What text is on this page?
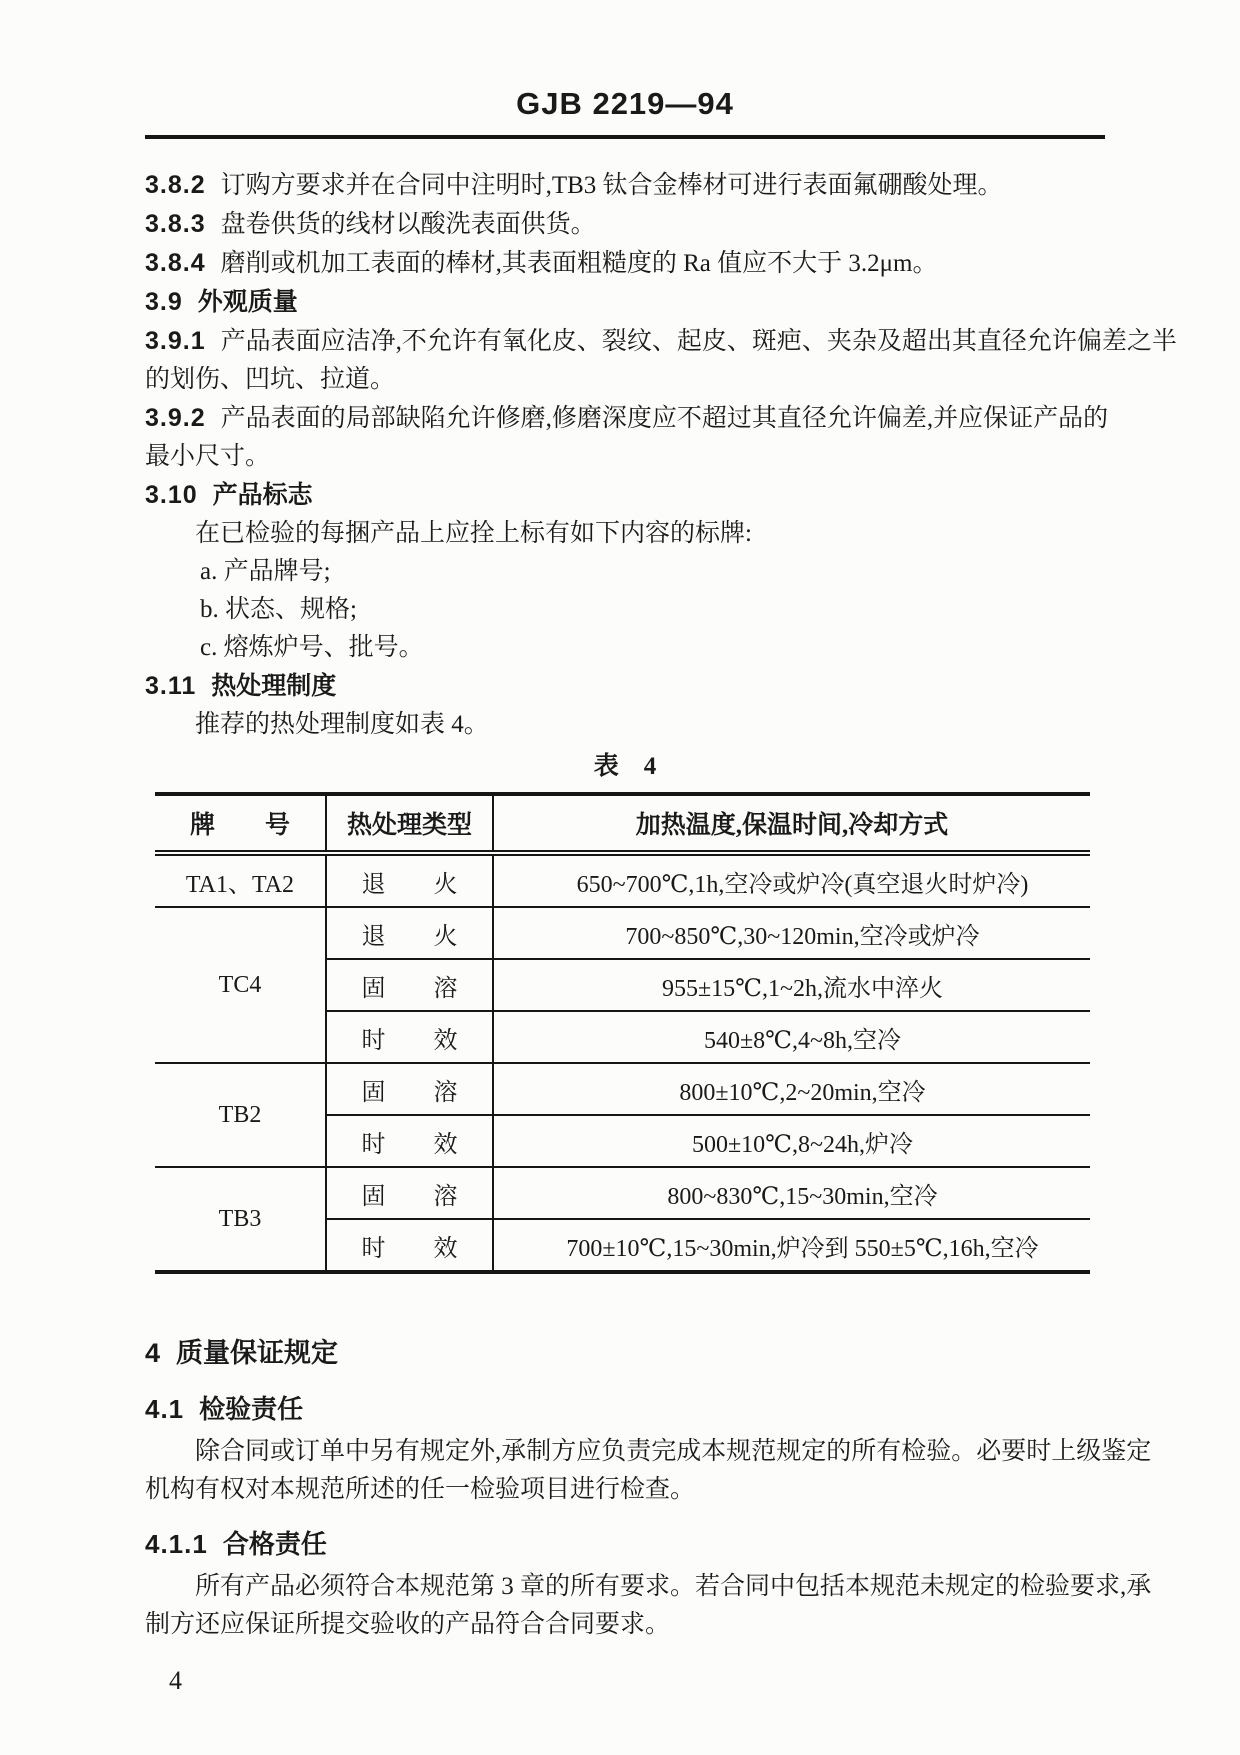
GJB 2219—94

3.8.2 订购方要求并在合同中注明时,TB3 钛合金棒材可进行表面氟硼酸处理。

3.8.3 盘卷供货的线材以酸洗表面供货。

3.8.4 磨削或机加工表面的棒材,其表面粗糙度的 Ra 值应不大于 3.2μm。

3.9 外观质量

3.9.1 产品表面应洁净,不允许有氧化皮、裂纹、起皮、斑疤、夹杂及超出其直径允许偏差之半

的划伤、凹坑、拉道。

3.9.2 产品表面的局部缺陷允许修磨,修磨深度应不超过其直径允许偏差,并应保证产品的

最小尺寸。

3.10 产品标志

在已检验的每捆产品上应拴上标有如下内容的标牌:

a. 产品牌号;

b. 状态、规格;

c. 熔炼炉号、批号。

3.11 热处理制度

推荐的热处理制度如表 4。

表　4

牌　　号	热处理类型	加热温度,保温时间,冷却方式
TA1、TA2	退　　火	650~700℃,1h,空冷或炉冷(真空退火时炉冷)
TC4	退　　火	700~850℃,30~120min,空冷或炉冷
	固　　溶	955±15℃,1~2h,流水中淬火
	时　　效	540±8℃,4~8h,空冷
TB2	固　　溶	800±10℃,2~20min,空冷
	时　　效	500±10℃,8~24h,炉冷
TB3	固　　溶	800~830℃,15~30min,空冷
	时　　效	700±10℃,15~30min,炉冷到 550±5℃,16h,空冷

4 质量保证规定

4.1 检验责任

除合同或订单中另有规定外,承制方应负责完成本规范规定的所有检验。必要时上级鉴定

机构有权对本规范所述的任一检验项目进行检查。

4.1.1 合格责任

所有产品必须符合本规范第 3 章的所有要求。若合同中包括本规范未规定的检验要求,承

制方还应保证所提交验收的产品符合合同要求。

4
